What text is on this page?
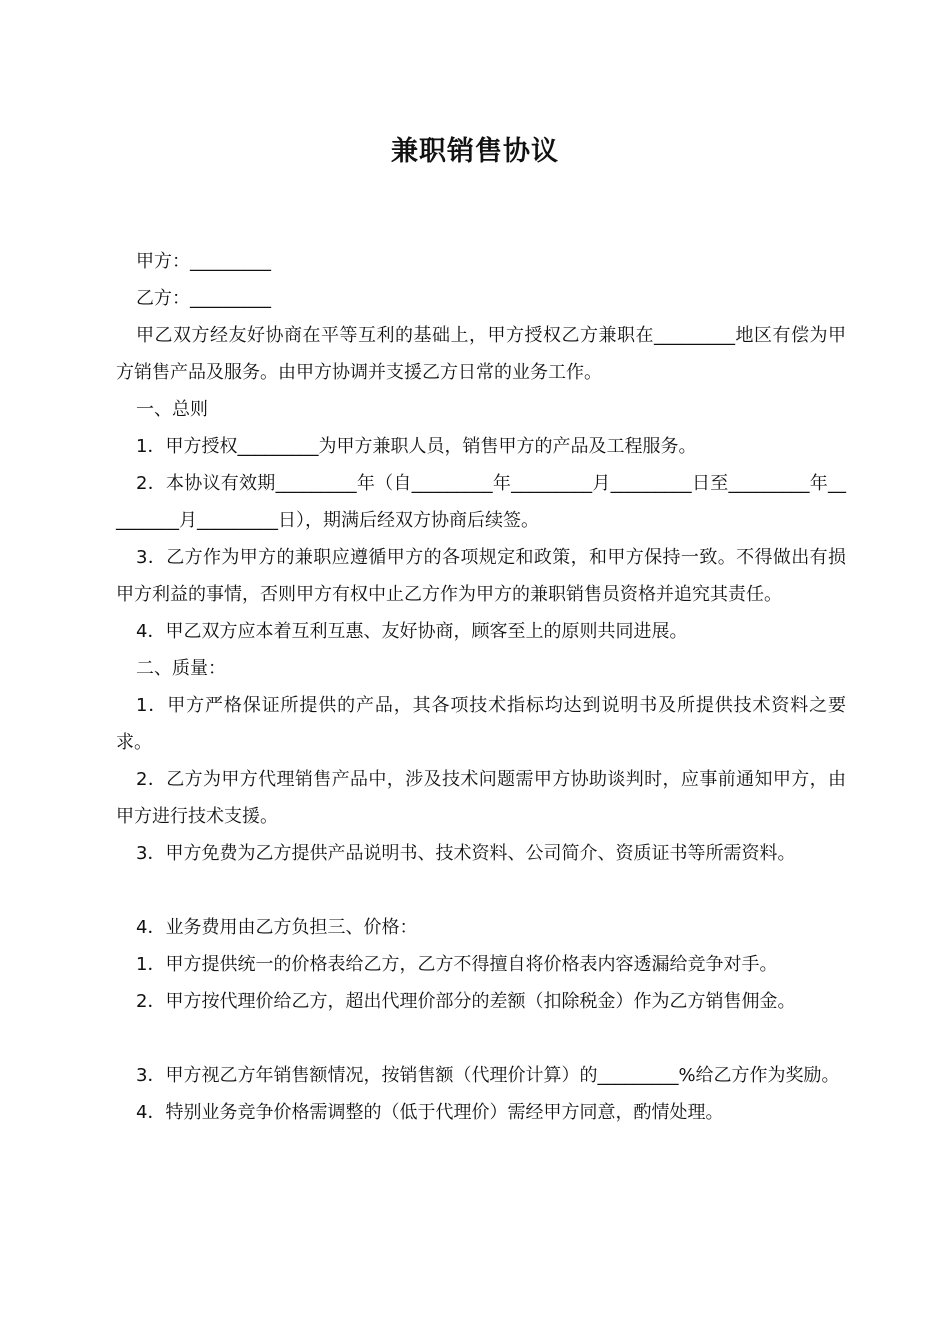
兼职销售协议

甲方：_________

乙方：_________

甲乙双方经友好协商在平等互利的基础上，甲方授权乙方兼职在_________地区有偿为甲方销售产品及服务。由甲方协调并支援乙方日常的业务工作。

一、总则

1．甲方授权_________为甲方兼职人员，销售甲方的产品及工程服务。

2．本协议有效期_________年（自_________年_________月_________日至_________年_________月_________日），期满后经双方协商后续签。

3．乙方作为甲方的兼职应遵循甲方的各项规定和政策，和甲方保持一致。不得做出有损甲方利益的事情，否则甲方有权中止乙方作为甲方的兼职销售员资格并追究其责任。

4．甲乙双方应本着互利互惠、友好协商，顾客至上的原则共同进展。

二、质量：

1．甲方严格保证所提供的产品，其各项技术指标均达到说明书及所提供技术资料之要求。

2．乙方为甲方代理销售产品中，涉及技术问题需甲方协助谈判时，应事前通知甲方，由甲方进行技术支援。

3．甲方免费为乙方提供产品说明书、技术资料、公司简介、资质证书等所需资料。

4．业务费用由乙方负担三、价格：

1．甲方提供统一的价格表给乙方，乙方不得擅自将价格表内容透漏给竞争对手。

2．甲方按代理价给乙方，超出代理价部分的差额（扣除税金）作为乙方销售佣金。

3．甲方视乙方年销售额情况，按销售额（代理价计算）的_________%给乙方作为奖励。

4．特别业务竞争价格需调整的（低于代理价）需经甲方同意，酌情处理。
